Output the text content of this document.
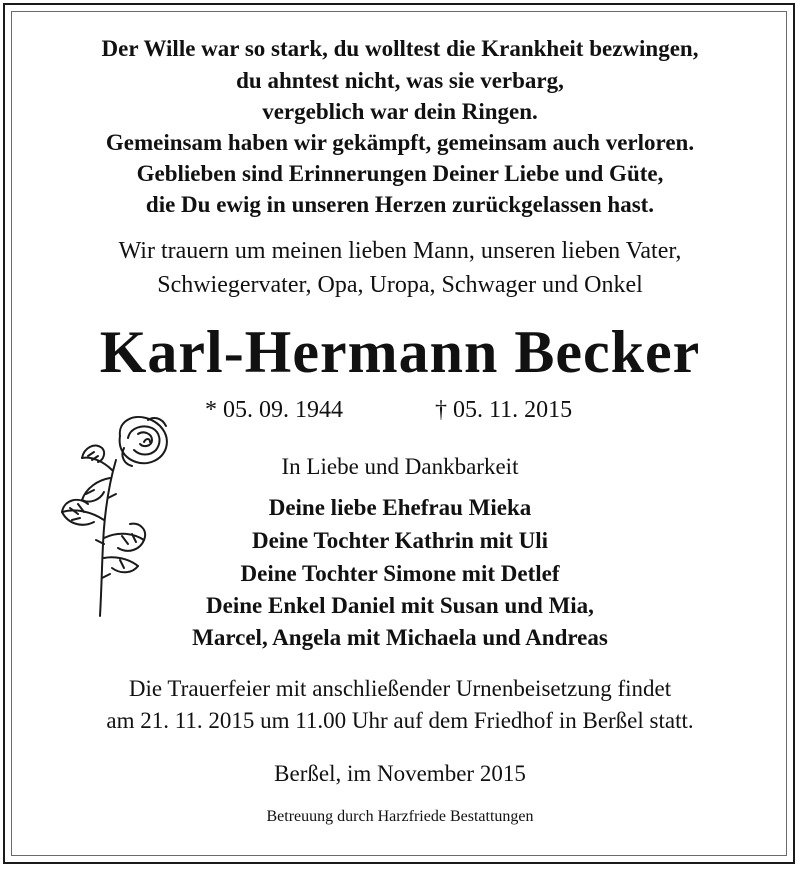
Der Wille war so stark, du wolltest die Krankheit bezwingen,
du ahntest nicht, was sie verbarg,
vergeblich war dein Ringen.
Gemeinsam haben wir gekämpft, gemeinsam auch verloren.
Geblieben sind Erinnerungen Deiner Liebe und Güte,
die Du ewig in unseren Herzen zurückgelassen hast.
Wir trauern um meinen lieben Mann, unseren lieben Vater,
Schwiegervater, Opa, Uropa, Schwager und Onkel
Karl-Hermann Becker
* 05. 09. 1944	† 05. 11. 2015
In Liebe und Dankbarkeit
Deine liebe Ehefrau Mieka
Deine Tochter Kathrin mit Uli
Deine Tochter Simone mit Detlef
Deine Enkel Daniel mit Susan und Mia,
Marcel, Angela mit Michaela und Andreas
Die Trauerfeier mit anschließender Urnenbeisetzung findet
am 21. 11. 2015 um 11.00 Uhr auf dem Friedhof in Berßel statt.
Berßel, im November 2015
Betreuung durch Harzfriede Bestattungen
